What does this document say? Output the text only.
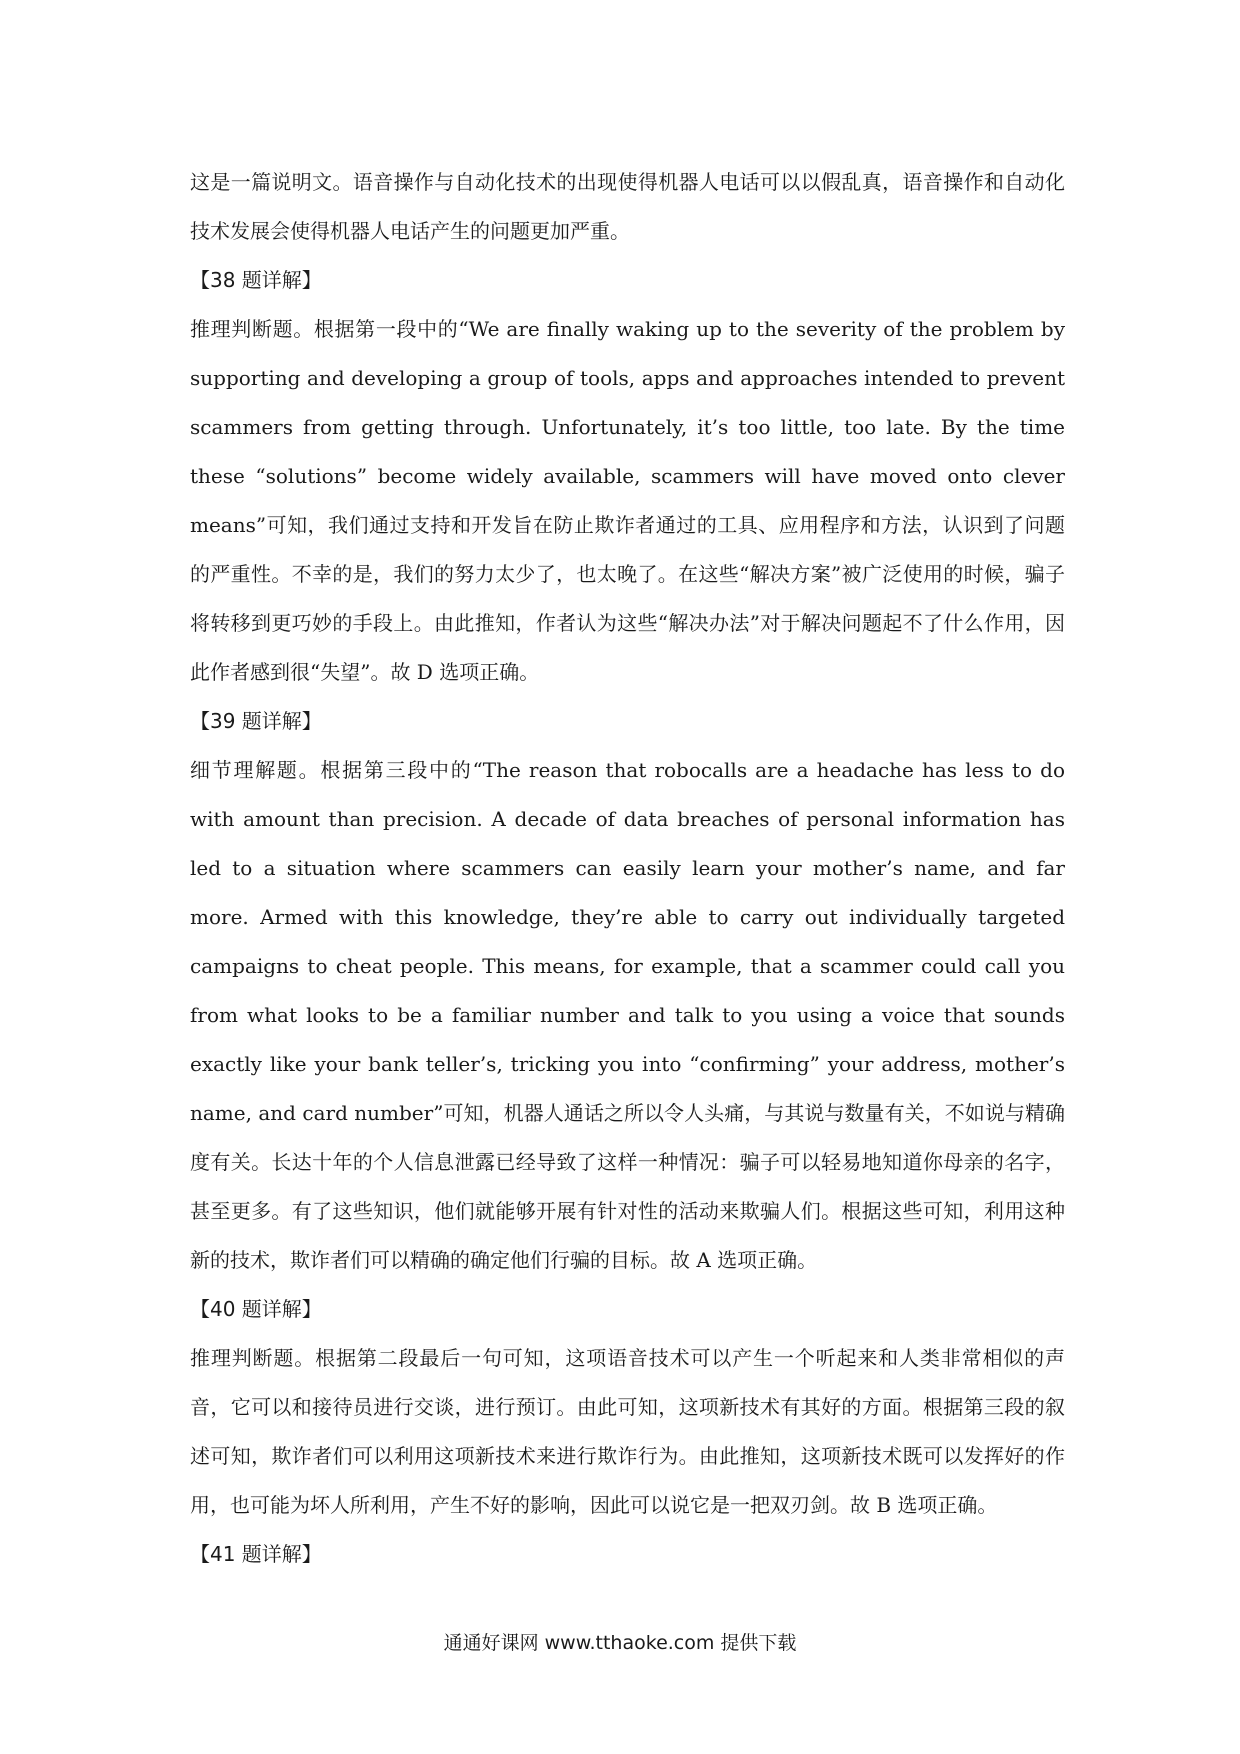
这是一篇说明文。语音操作与自动化技术的出现使得机器人电话可以以假乱真，语音操作和自动化技术发展会使得机器人电话产生的问题更加严重。

【38 题详解】

推理判断题。根据第一段中的“We are finally waking up to the severity of the problem by supporting and developing a group of tools, apps and approaches intended to prevent scammers from getting through. Unfortunately, it’s too little, too late. By the time these “solutions” become widely available, scammers will have moved onto clever means”可知，我们通过支持和开发旨在防止欺诈者通过的工具、应用程序和方法，认识到了问题的严重性。不幸的是，我们的努力太少了，也太晚了。在这些“解决方案”被广泛使用的时候，骗子将转移到更巧妙的手段上。由此推知，作者认为这些“解决办法”对于解决问题起不了什么作用，因此作者感到很“失望”。故 D 选项正确。

【39 题详解】

细节理解题。根据第三段中的“The reason that robocalls are a headache has less to do with amount than precision. A decade of data breaches of personal information has led to a situation where scammers can easily learn your mother’s name, and far more. Armed with this knowledge, they’re able to carry out individually targeted campaigns to cheat people. This means, for example, that a scammer could call you from what looks to be a familiar number and talk to you using a voice that sounds exactly like your bank teller’s, tricking you into “confirming” your address, mother’s name, and card number”可知，机器人通话之所以令人头痛，与其说与数量有关，不如说与精确度有关。长达十年的个人信息泄露已经导致了这样一种情况：骗子可以轻易地知道你母亲的名字，甚至更多。有了这些知识，他们就能够开展有针对性的活动来欺骗人们。根据这些可知，利用这种新的技术，欺诈者们可以精确的确定他们行骗的目标。故 A 选项正确。

【40 题详解】

推理判断题。根据第二段最后一句可知，这项语音技术可以产生一个听起来和人类非常相似的声音，它可以和接待员进行交谈，进行预订。由此可知，这项新技术有其好的方面。根据第三段的叙述可知，欺诈者们可以利用这项新技术来进行欺诈行为。由此推知，这项新技术既可以发挥好的作用，也可能为坏人所利用，产生不好的影响，因此可以说它是一把双刃剑。故 B 选项正确。

【41 题详解】

通通好课网 www.tthaoke.com 提供下载
